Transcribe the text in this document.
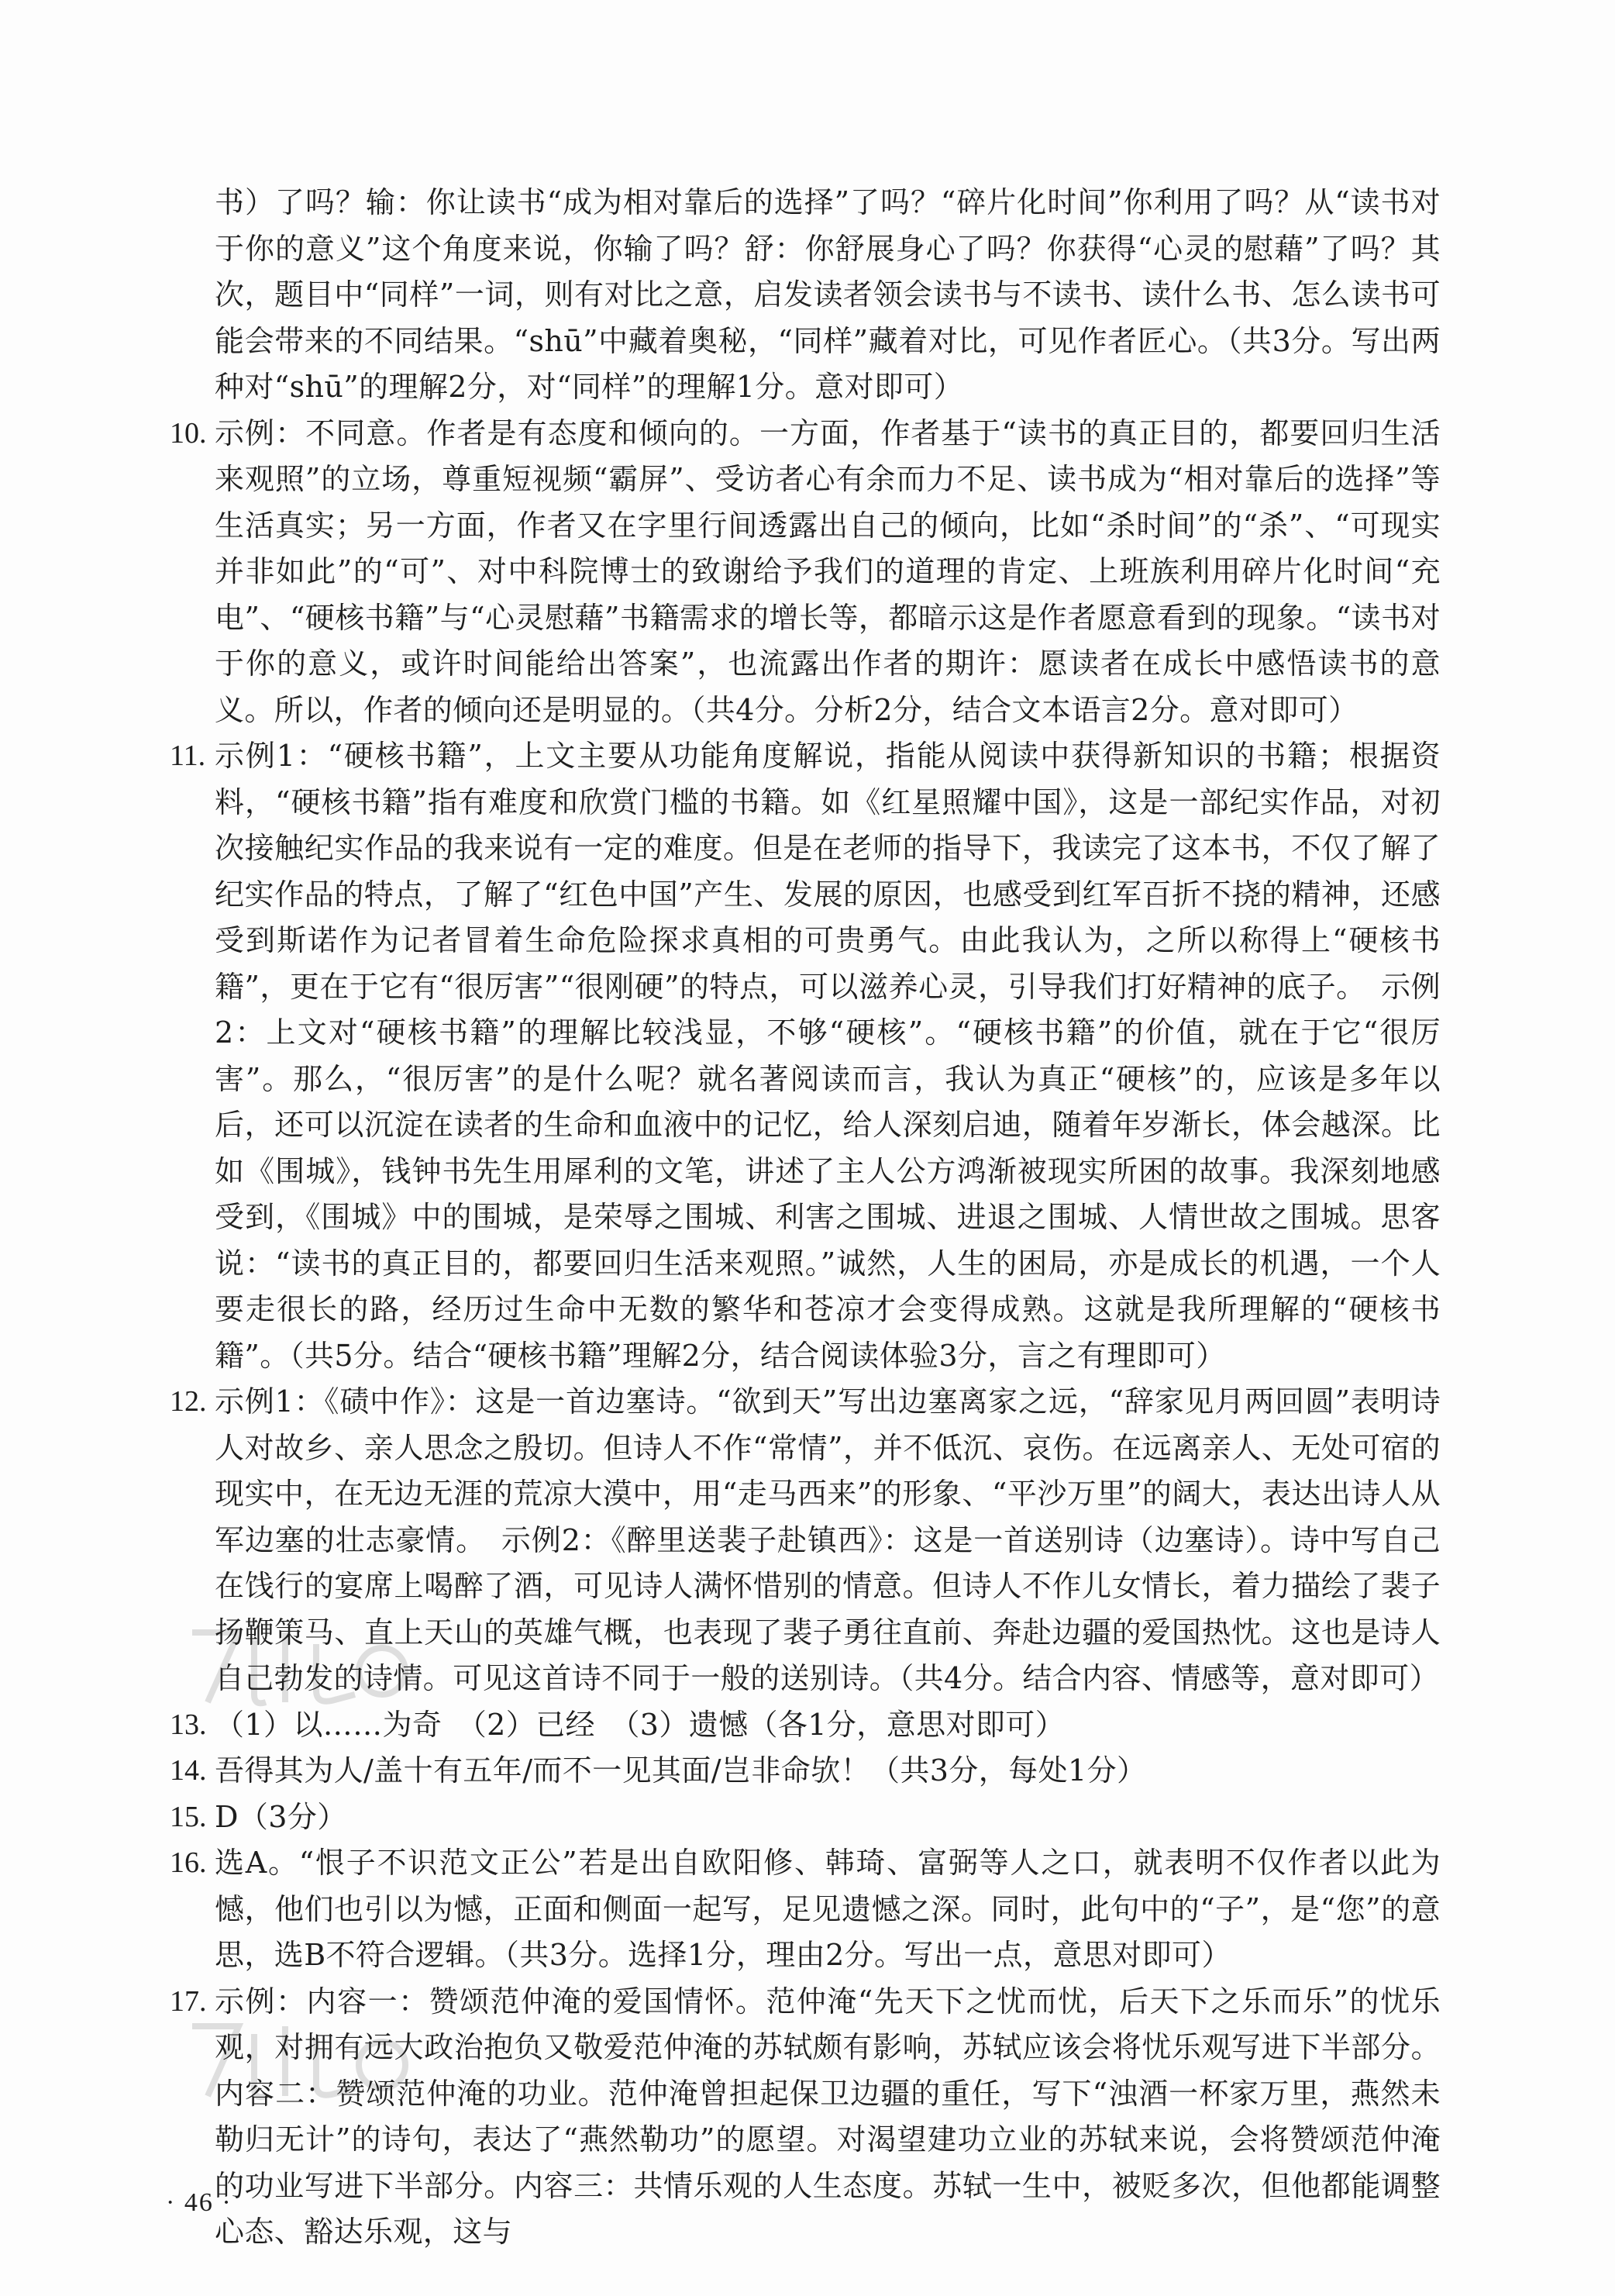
书）了吗？输：你让读书“成为相对靠后的选择”了吗？“碎片化时间”你利用了吗？从“读书对于你的意义”这个角度来说，你输了吗？舒：你舒展身心了吗？你获得“心灵的慰藉”了吗？其次，题目中“同样”一词，则有对比之意，启发读者领会读书与不读书、读什么书、怎么读书可能会带来的不同结果。“shū”中藏着奥秘，“同样”藏着对比，可见作者匠心。（共3分。写出两种对“shū”的理解2分，对“同样”的理解1分。意对即可）

10. 示例：不同意。作者是有态度和倾向的。一方面，作者基于“读书的真正目的，都要回归生活来观照”的立场，尊重短视频“霸屏”、受访者心有余而力不足、读书成为“相对靠后的选择”等生活真实；另一方面，作者又在字里行间透露出自己的倾向，比如“杀时间”的“杀”、“可现实并非如此”的“可”、对中科院博士的致谢给予我们的道理的肯定、上班族利用碎片化时间“充电”、“硬核书籍”与“心灵慰藉”书籍需求的增长等，都暗示这是作者愿意看到的现象。“读书对于你的意义，或许时间能给出答案”，也流露出作者的期许：愿读者在成长中感悟读书的意义。所以，作者的倾向还是明显的。（共4分。分析2分，结合文本语言2分。意对即可）

11. 示例1：“硬核书籍”，上文主要从功能角度解说，指能从阅读中获得新知识的书籍；根据资料，“硬核书籍”指有难度和欣赏门槛的书籍。如《红星照耀中国》，这是一部纪实作品，对初次接触纪实作品的我来说有一定的难度。但是在老师的指导下，我读完了这本书，不仅了解了纪实作品的特点，了解了“红色中国”产生、发展的原因，也感受到红军百折不挠的精神，还感受到斯诺作为记者冒着生命危险探求真相的可贵勇气。由此我认为，之所以称得上“硬核书籍”，更在于它有“很厉害”“很刚硬”的特点，可以滋养心灵，引导我们打好精神的底子。　示例2：上文对“硬核书籍”的理解比较浅显，不够“硬核”。“硬核书籍”的价值，就在于它“很厉害”。那么，“很厉害”的是什么呢？就名著阅读而言，我认为真正“硬核”的，应该是多年以后，还可以沉淀在读者的生命和血液中的记忆，给人深刻启迪，随着年岁渐长，体会越深。比如《围城》，钱钟书先生用犀利的文笔，讲述了主人公方鸿渐被现实所困的故事。我深刻地感受到，《围城》中的围城，是荣辱之围城、利害之围城、进退之围城、人情世故之围城。思客说：“读书的真正目的，都要回归生活来观照。”诚然，人生的困局，亦是成长的机遇，一个人要走很长的路，经历过生命中无数的繁华和苍凉才会变得成熟。这就是我所理解的“硬核书籍”。（共5分。结合“硬核书籍”理解2分，结合阅读体验3分，言之有理即可）

12. 示例1：《碛中作》：这是一首边塞诗。“欲到天”写出边塞离家之远，“辞家见月两回圆”表明诗人对故乡、亲人思念之殷切。但诗人不作“常情”，并不低沉、哀伤。在远离亲人、无处可宿的现实中，在无边无涯的荒凉大漠中，用“走马西来”的形象、“平沙万里”的阔大，表达出诗人从军边塞的壮志豪情。　示例2：《醉里送裴子赴镇西》：这是一首送别诗（边塞诗）。诗中写自己在饯行的宴席上喝醉了酒，可见诗人满怀惜别的情意。但诗人不作儿女情长，着力描绘了裴子扬鞭策马、直上天山的英雄气概，也表现了裴子勇往直前、奔赴边疆的爱国热忱。这也是诗人自己勃发的诗情。可见这首诗不同于一般的送别诗。（共4分。结合内容、情感等，意对即可）

13. （1）以……为奇　（2）已经　（3）遗憾（各1分，意思对即可）

14. 吾得其为人/盖十有五年/而不一见其面/岂非命欤！（共3分，每处1分）

15. D（3分）

16. 选A。“恨子不识范文正公”若是出自欧阳修、韩琦、富弼等人之口，就表明不仅作者以此为憾，他们也引以为憾，正面和侧面一起写，足见遗憾之深。同时，此句中的“子”，是“您”的意思，选B不符合逻辑。（共3分。选择1分，理由2分。写出一点，意思对即可）

17. 示例：内容一：赞颂范仲淹的爱国情怀。范仲淹“先天下之忧而忧，后天下之乐而乐”的忧乐观，对拥有远大政治抱负又敬爱范仲淹的苏轼颇有影响，苏轼应该会将忧乐观写进下半部分。内容二：赞颂范仲淹的功业。范仲淹曾担起保卫边疆的重任，写下“浊酒一杯家万里，燕然未勒归无计”的诗句，表达了“燕然勒功”的愿望。对渴望建功立业的苏轼来说，会将赞颂范仲淹的功业写进下半部分。内容三：共情乐观的人生态度。苏轼一生中，被贬多次，但他都能调整心态、豁达乐观，这与

· 46 ·
